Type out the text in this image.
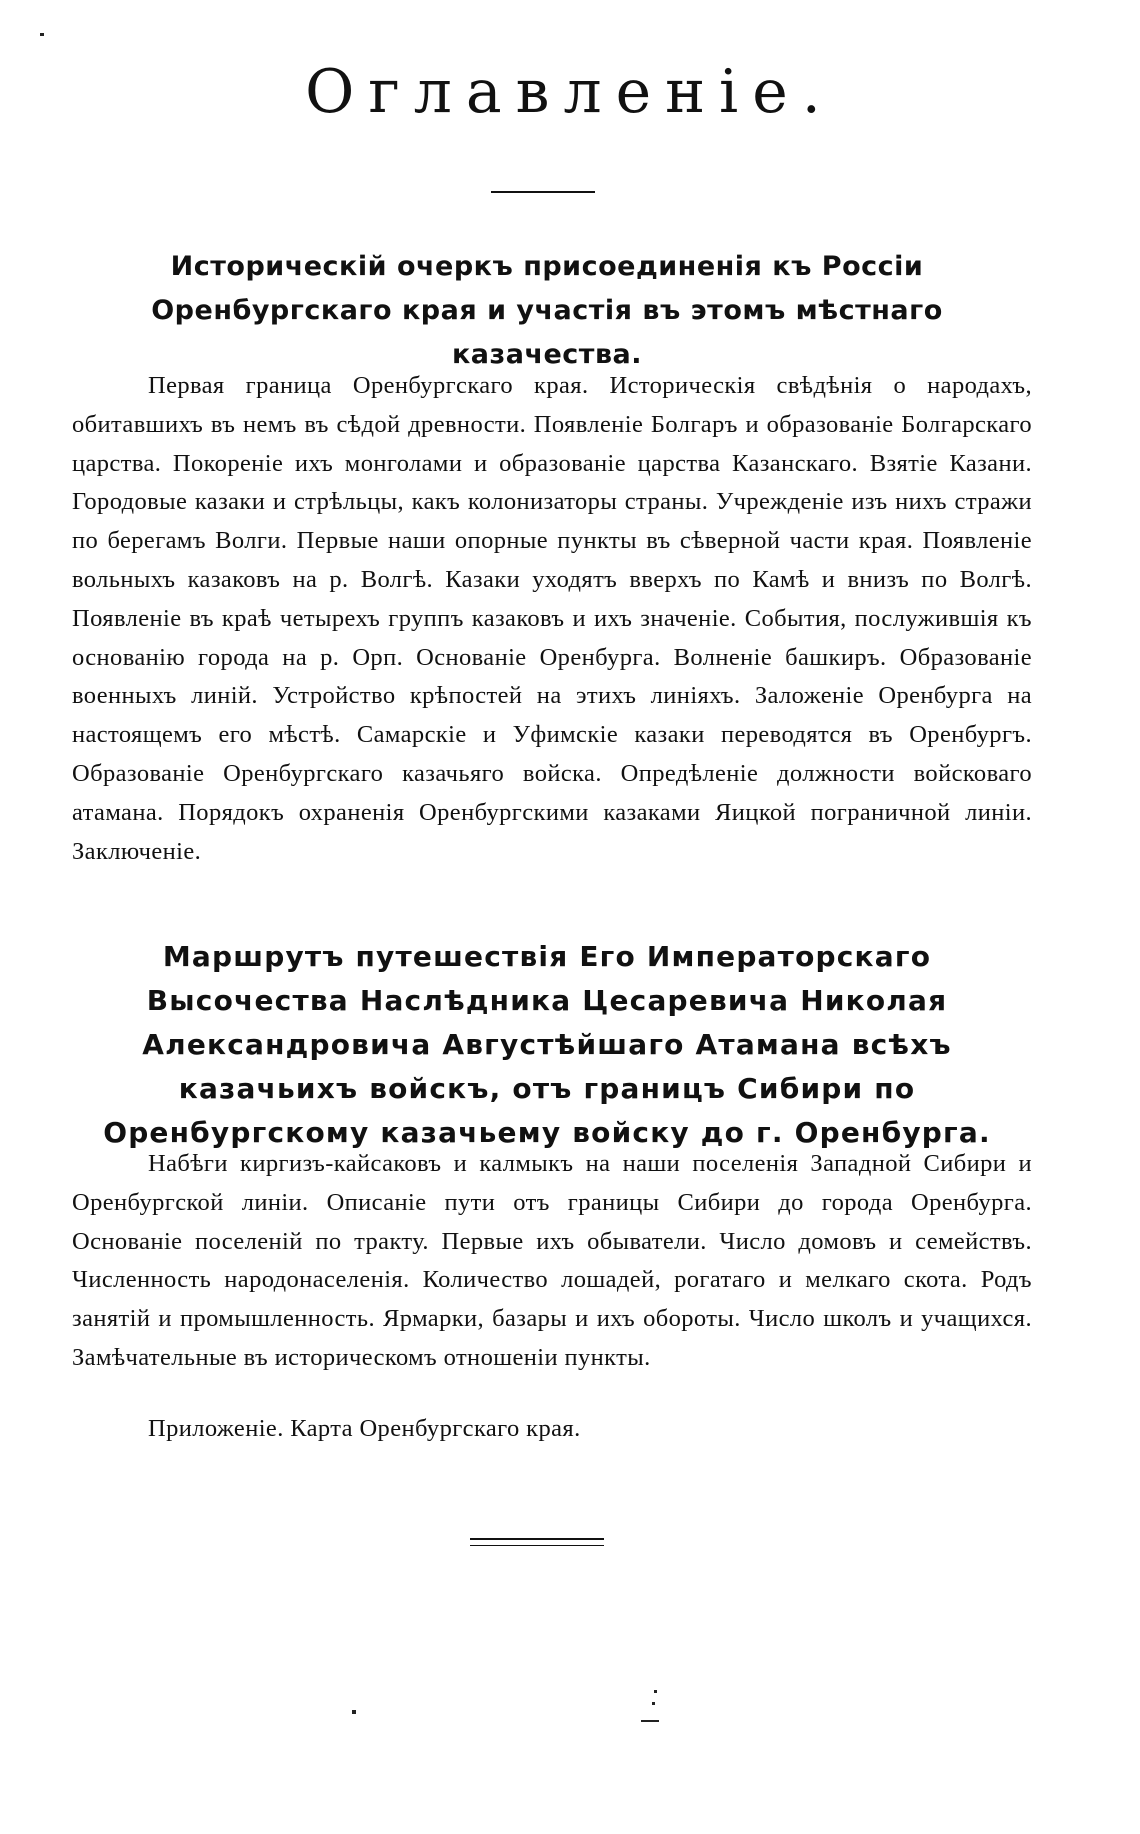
Оглавленіе.
Историческій очеркъ присоединенія къ Россіи Оренбургскаго края и участія въ этомъ мѣстнаго казачества.

Первая граница Оренбургскаго края. Историческія свѣдѣнія о народахъ, обитавшихъ въ немъ въ сѣдой древности. Появленіе Болгаръ и образованіе Болгарскаго царства. Покореніе ихъ монголами и образованіе царства Казанскаго. Взятіе Казани. Городовые казаки и стрѣльцы, какъ колонизаторы страны. Учрежденіе изъ нихъ стражи по берегамъ Волги. Первые наши опорные пункты въ сѣверной части края. Появленіе вольныхъ казаковъ на р. Волгѣ. Казаки уходятъ вверхъ по Камѣ и внизъ по Волгѣ. Появленіе въ краѣ четырехъ группъ казаковъ и ихъ значеніе. События, послужившія къ основанію города на р. Орп. Основаніе Оренбурга. Волненіе башкиръ. Образованіе военныхъ линій. Устройство крѣпостей на этихъ линіяхъ. Заложеніе Оренбурга на настоящемъ его мѣстѣ. Самарскіе и Уфимскіе казаки переводятся въ Оренбургъ. Образованіе Оренбургскаго казачьяго войска. Опредѣленіе должности войсковаго атамана. Порядокъ охраненія Оренбургскими казаками Яицкой пограничной линіи. Заключеніе.

Маршрутъ путешествія Его Императорскаго Высочества Наслѣдника Цесаревича Николая Александровича Августѣйшаго Атамана всѣхъ казачьихъ войскъ, отъ границъ Сибири по Оренбургскому казачьему войску до г. Оренбурга.

Набѣги киргизъ-кайсаковъ и калмыкъ на наши поселенія Западной Сибири и Оренбургской линіи. Описаніе пути отъ границы Сибири до города Оренбурга. Основаніе поселеній по тракту. Первые ихъ обыватели. Число домовъ и семействъ. Численность народонаселенія. Количество лошадей, рогатаго и мелкаго скота. Родъ занятій и промышленность. Ярмарки, базары и ихъ обороты. Число школъ и учащихся. Замѣчательные въ историческомъ отношеніи пункты.

Приложеніе. Карта Оренбургскаго края.
